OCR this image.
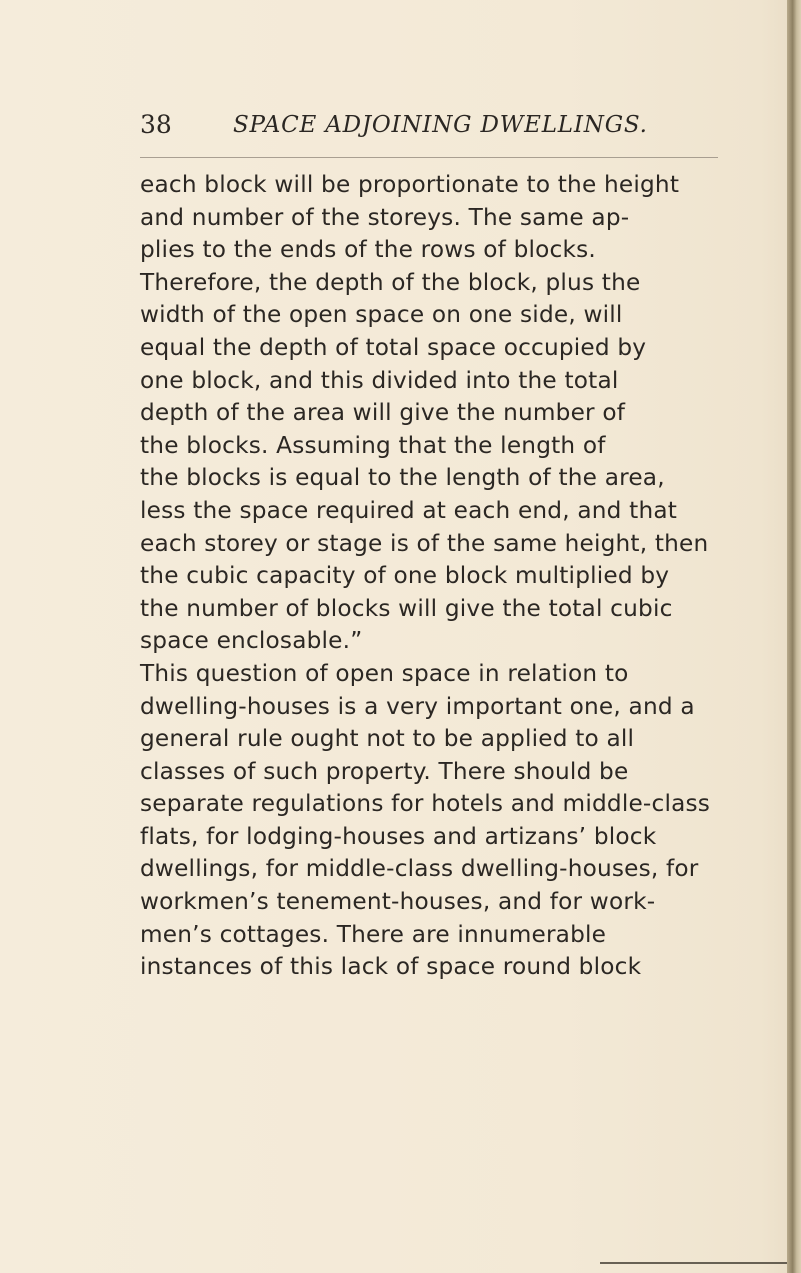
38	SPACE ADJOINING DWELLINGS.
each block will be proportionate to the height
and number of the storeys. The same ap-
plies to the ends of the rows of blocks.
Therefore, the depth of the block, plus the
width of the open space on one side, will
equal the depth of total space occupied by
one block, and this divided into the total
depth of the area will give the number of
the blocks. Assuming that the length of
the blocks is equal to the length of the area,
less the space required at each end, and that
each storey or stage is of the same height, then
the cubic capacity of one block multiplied by
the number of blocks will give the total cubic
space enclosable.”
This question of open space in relation to
dwelling-houses is a very important one, and a
general rule ought not to be applied to all
classes of such property. There should be
separate regulations for hotels and middle-class
flats, for lodging-houses and artizans’ block
dwellings, for middle-class dwelling-houses, for
workmen’s tenement-houses, and for work-
men’s cottages. There are innumerable
instances of this lack of space round block
